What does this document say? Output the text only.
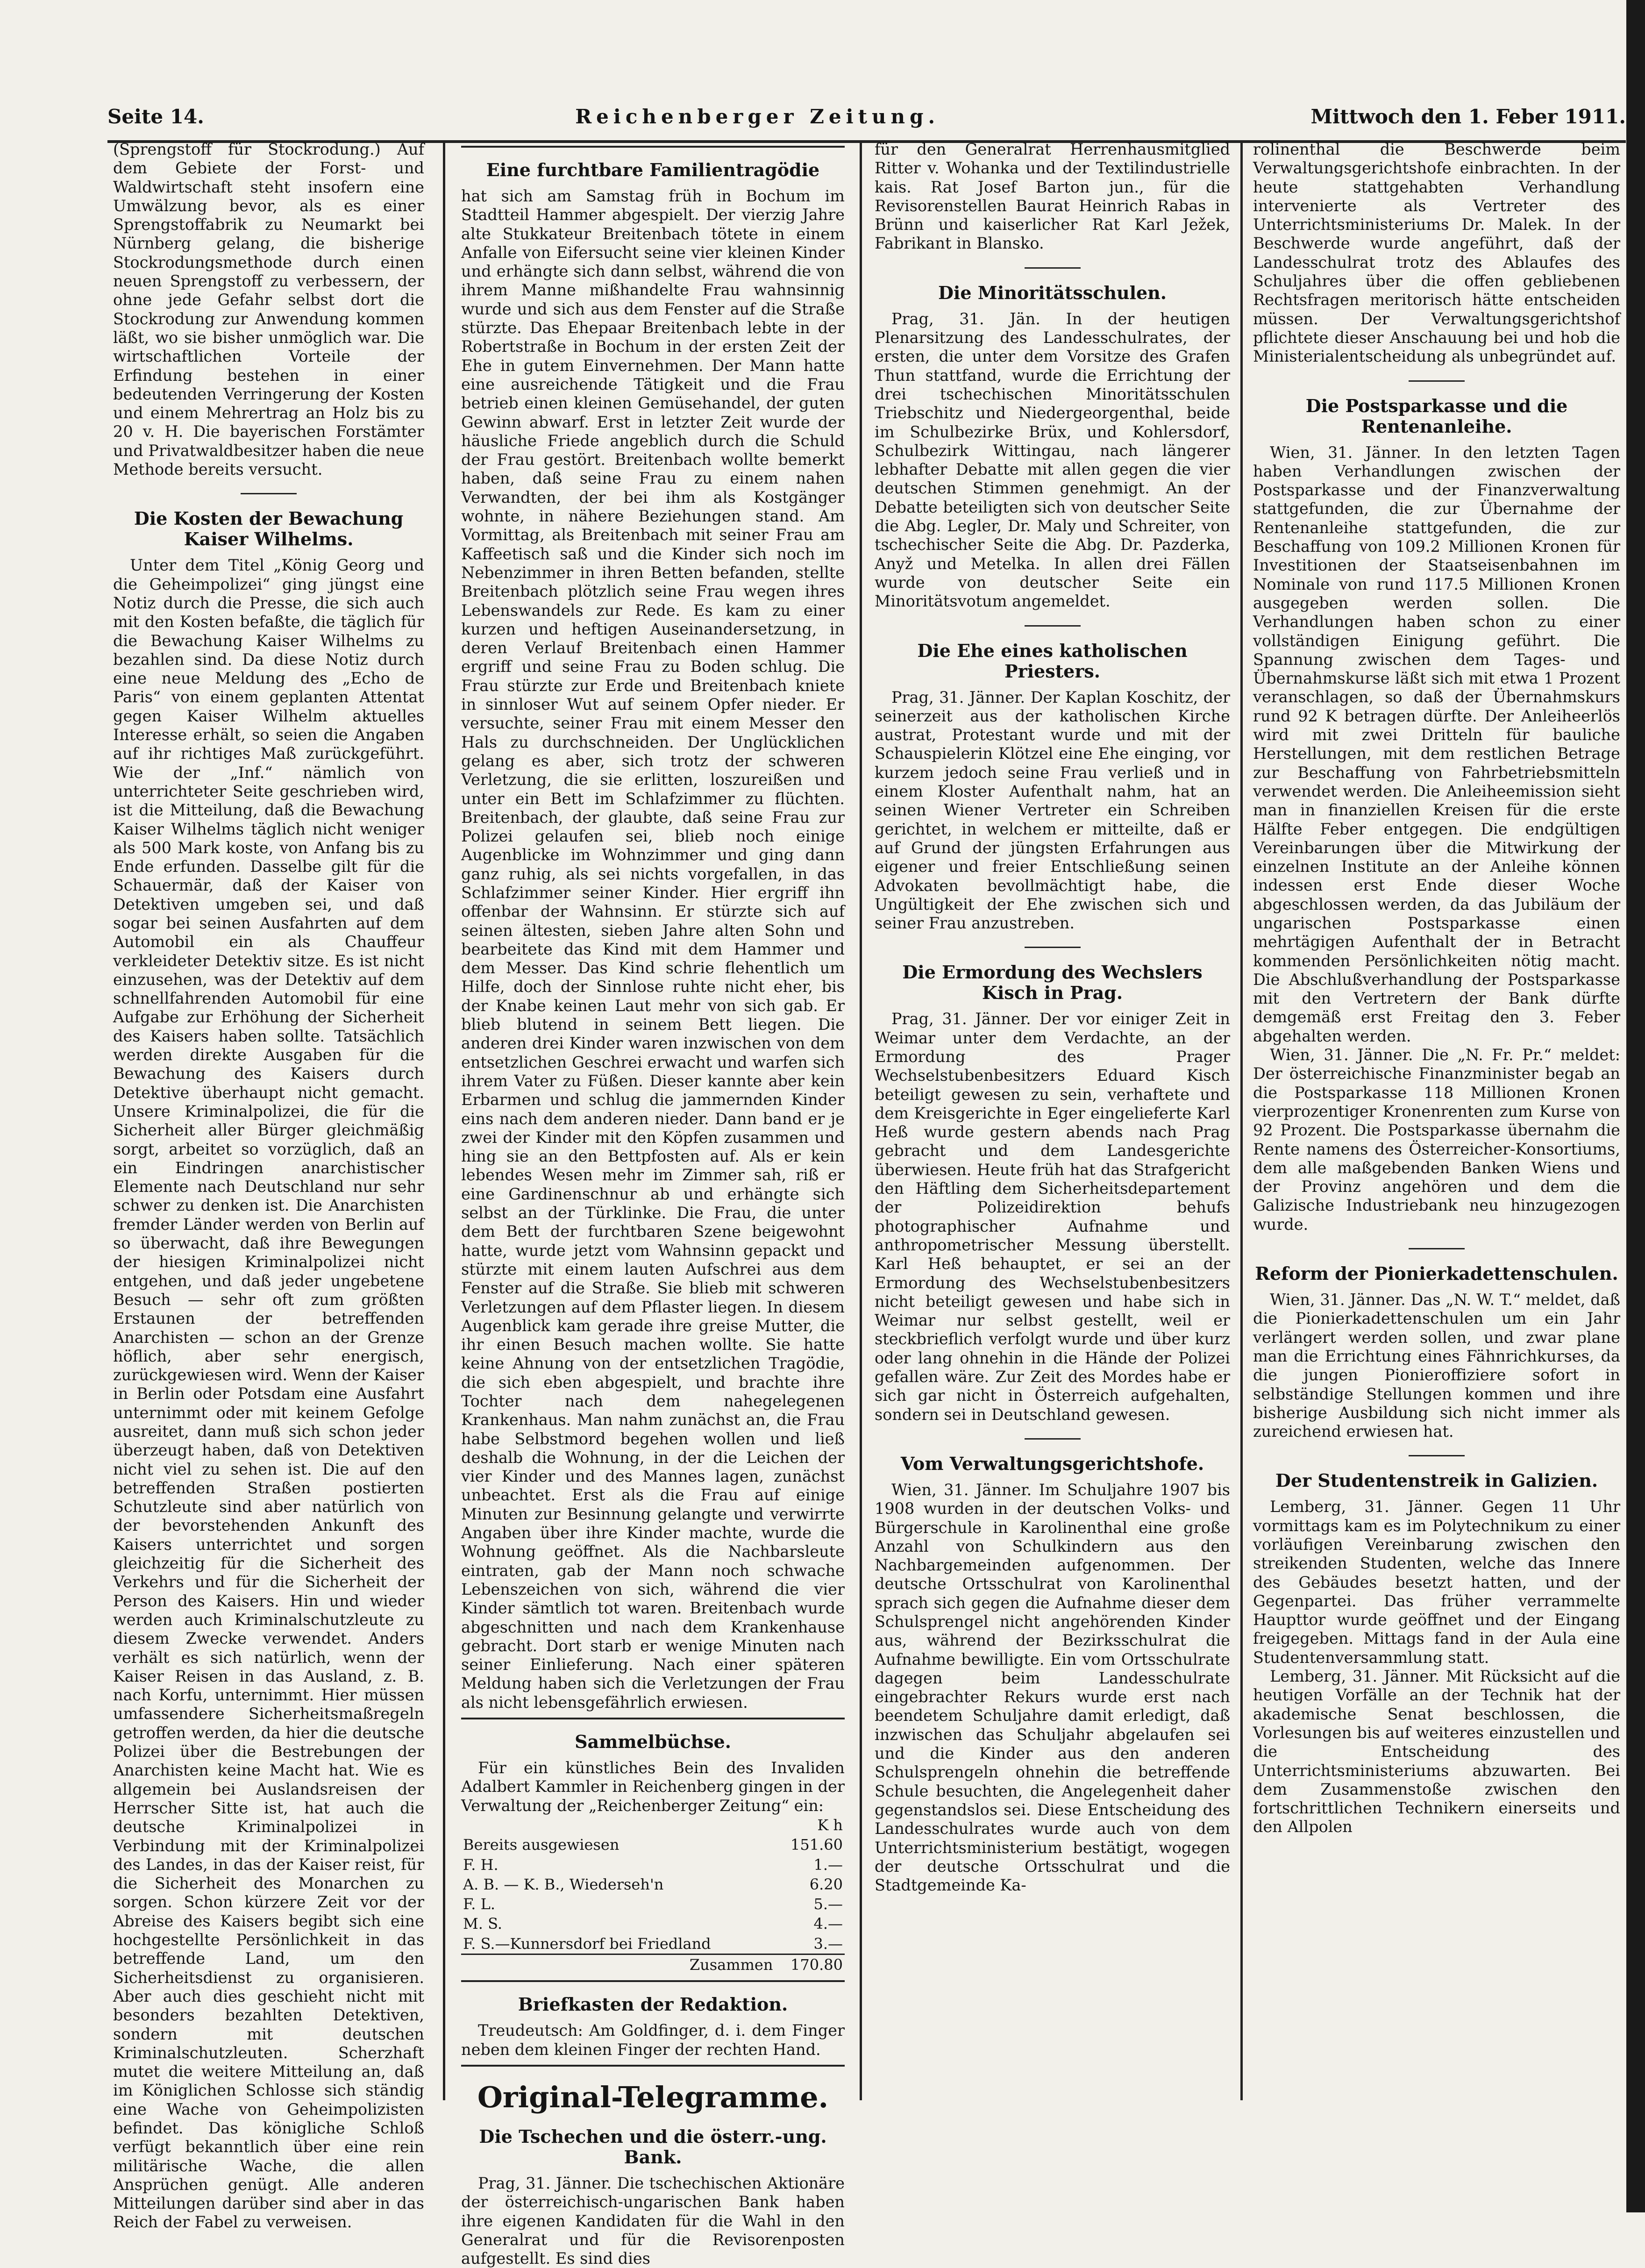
Seite 14.	Reichenberger Zeitung.	Mittwoch den 1. Feber 1911.

(Sprengstoff für Stockrodung.) Auf dem Gebiete der Forst- und Waldwirtschaft steht insofern eine Umwälzung bevor, als es einer Sprengstoffabrik zu Neumarkt bei Nürnberg gelang, die bisherige Stockrodungsmethode durch einen neuen Sprengstoff zu verbessern, der ohne jede Gefahr selbst dort die Stockrodung zur Anwendung kommen läßt, wo sie bisher unmöglich war. Die wirtschaftlichen Vorteile der Erfindung bestehen in einer bedeutenden Verringerung der Kosten und einem Mehrertrag an Holz bis zu 20 v. H. Die bayerischen Forstämter und Privatwaldbesitzer haben die neue Methode bereits versucht.

Die Kosten der Bewachung Kaiser Wilhelms.

Unter dem Titel „König Georg und die Geheimpolizei“ ging jüngst eine Notiz durch die Presse, die sich auch mit den Kosten befaßte, die täglich für die Bewachung Kaiser Wilhelms zu bezahlen sind. Da diese Notiz durch eine neue Meldung des „Echo de Paris“ von einem geplanten Attentat gegen Kaiser Wilhelm aktuelles Interesse erhält, so seien die Angaben auf ihr richtiges Maß zurückgeführt. Wie der „Inf.“ nämlich von unterrichteter Seite geschrieben wird, ist die Mitteilung, daß die Bewachung Kaiser Wilhelms täglich nicht weniger als 500 Mark koste, von Anfang bis zu Ende erfunden. Dasselbe gilt für die Schauermär, daß der Kaiser von Detektiven umgeben sei, und daß sogar bei seinen Ausfahrten auf dem Automobil ein als Chauffeur verkleideter Detektiv sitze. Es ist nicht einzusehen, was der Detektiv auf dem schnellfahrenden Automobil für eine Aufgabe zur Erhöhung der Sicherheit des Kaisers haben sollte. Tatsächlich werden direkte Ausgaben für die Bewachung des Kaisers durch Detektive überhaupt nicht gemacht. Unsere Kriminalpolizei, die für die Sicherheit aller Bürger gleichmäßig sorgt, arbeitet so vorzüglich, daß an ein Eindringen anarchistischer Elemente nach Deutschland nur sehr schwer zu denken ist. Die Anarchisten fremder Länder werden von Berlin auf so überwacht, daß ihre Bewegungen der hiesigen Kriminalpolizei nicht entgehen, und daß jeder ungebetene Besuch — sehr oft zum größten Erstaunen der betreffenden Anarchisten — schon an der Grenze höflich, aber sehr energisch, zurückgewiesen wird. Wenn der Kaiser in Berlin oder Potsdam eine Ausfahrt unternimmt oder mit keinem Gefolge ausreitet, dann muß sich schon jeder überzeugt haben, daß von Detektiven nicht viel zu sehen ist. Die auf den betreffenden Straßen postierten Schutzleute sind aber natürlich von der bevorstehenden Ankunft des Kaisers unterrichtet und sorgen gleichzeitig für die Sicherheit des Verkehrs und für die Sicherheit der Person des Kaisers. Hin und wieder werden auch Kriminalschutzleute zu diesem Zwecke verwendet. Anders verhält es sich natürlich, wenn der Kaiser Reisen in das Ausland, z. B. nach Korfu, unternimmt. Hier müssen umfassendere Sicherheitsmaßregeln getroffen werden, da hier die deutsche Polizei über die Bestrebungen der Anarchisten keine Macht hat. Wie es allgemein bei Auslandsreisen der Herrscher Sitte ist, hat auch die deutsche Kriminalpolizei in Verbindung mit der Kriminalpolizei des Landes, in das der Kaiser reist, für die Sicherheit des Monarchen zu sorgen. Schon kürzere Zeit vor der Abreise des Kaisers begibt sich eine hochgestellte Persönlichkeit in das betreffende Land, um den Sicherheitsdienst zu organisieren. Aber auch dies geschieht nicht mit besonders bezahlten Detektiven, sondern mit deutschen Kriminalschutzleuten. Scherzhaft mutet die weitere Mitteilung an, daß im Königlichen Schlosse sich ständig eine Wache von Geheimpolizisten befindet. Das königliche Schloß verfügt bekanntlich über eine rein militärische Wache, die allen Ansprüchen genügt. Alle anderen Mitteilungen darüber sind aber in das Reich der Fabel zu verweisen.

Eine furchtbare Familientragödie

hat sich am Samstag früh in Bochum im Stadtteil Hammer abgespielt. Der vierzig Jahre alte Stukkateur Breitenbach tötete in einem Anfalle von Eifersucht seine vier kleinen Kinder und erhängte sich dann selbst, während die von ihrem Manne mißhandelte Frau wahnsinnig wurde und sich aus dem Fenster auf die Straße stürzte. Das Ehepaar Breitenbach lebte in der Robertstraße in Bochum in der ersten Zeit der Ehe in gutem Einvernehmen. Der Mann hatte eine ausreichende Tätigkeit und die Frau betrieb einen kleinen Gemüsehandel, der guten Gewinn abwarf. Erst in letzter Zeit wurde der häusliche Friede angeblich durch die Schuld der Frau gestört. Breitenbach wollte bemerkt haben, daß seine Frau zu einem nahen Verwandten, der bei ihm als Kostgänger wohnte, in nähere Beziehungen stand. Am Vormittag, als Breitenbach mit seiner Frau am Kaffeetisch saß und die Kinder sich noch im Nebenzimmer in ihren Betten befanden, stellte Breitenbach plötzlich seine Frau wegen ihres Lebenswandels zur Rede. Es kam zu einer kurzen und heftigen Auseinandersetzung, in deren Verlauf Breitenbach einen Hammer ergriff und seine Frau zu Boden schlug. Die Frau stürzte zur Erde und Breitenbach kniete in sinnloser Wut auf seinem Opfer nieder. Er versuchte, seiner Frau mit einem Messer den Hals zu durchschneiden. Der Unglücklichen gelang es aber, sich trotz der schweren Verletzung, die sie erlitten, loszureißen und unter ein Bett im Schlafzimmer zu flüchten. Breitenbach, der glaubte, daß seine Frau zur Polizei gelaufen sei, blieb noch einige Augenblicke im Wohnzimmer und ging dann ganz ruhig, als sei nichts vorgefallen, in das Schlafzimmer seiner Kinder. Hier ergriff ihn offenbar der Wahnsinn. Er stürzte sich auf seinen ältesten, sieben Jahre alten Sohn und bearbeitete das Kind mit dem Hammer und dem Messer. Das Kind schrie flehentlich um Hilfe, doch der Sinnlose ruhte nicht eher, bis der Knabe keinen Laut mehr von sich gab. Er blieb blutend in seinem Bett liegen. Die anderen drei Kinder waren inzwischen von dem entsetzlichen Geschrei erwacht und warfen sich ihrem Vater zu Füßen. Dieser kannte aber kein Erbarmen und schlug die jammernden Kinder eins nach dem anderen nieder. Dann band er je zwei der Kinder mit den Köpfen zusammen und hing sie an den Bettpfosten auf. Als er kein lebendes Wesen mehr im Zimmer sah, riß er eine Gardinenschnur ab und erhängte sich selbst an der Türklinke. Die Frau, die unter dem Bett der furchtbaren Szene beigewohnt hatte, wurde jetzt vom Wahnsinn gepackt und stürzte mit einem lauten Aufschrei aus dem Fenster auf die Straße. Sie blieb mit schweren Verletzungen auf dem Pflaster liegen. In diesem Augenblick kam gerade ihre greise Mutter, die ihr einen Besuch machen wollte. Sie hatte keine Ahnung von der entsetzlichen Tragödie, die sich eben abgespielt, und brachte ihre Tochter nach dem nahegelegenen Krankenhaus. Man nahm zunächst an, die Frau habe Selbstmord begehen wollen und ließ deshalb die Wohnung, in der die Leichen der vier Kinder und des Mannes lagen, zunächst unbeachtet. Erst als die Frau auf einige Minuten zur Besinnung gelangte und verwirrte Angaben über ihre Kinder machte, wurde die Wohnung geöffnet. Als die Nachbarsleute eintraten, gab der Mann noch schwache Lebenszeichen von sich, während die vier Kinder sämtlich tot waren. Breitenbach wurde abgeschnitten und nach dem Krankenhause gebracht. Dort starb er wenige Minuten nach seiner Einlieferung. Nach einer späteren Meldung haben sich die Verletzungen der Frau als nicht lebensgefährlich erwiesen.

Sammelbüchse.

Für ein künstliches Bein des Invaliden Adalbert Kammler in Reichenberg gingen in der Verwaltung der „Reichenberger Zeitung“ ein:

	K h
Bereits ausgewiesen	151.60
F. H.	1.—
A. B. — K. B., Wiederseh'n	6.20
F. L.	5.—
M. S.	4.—
F. S.—Kunnersdorf bei Friedland	3.—
Zusammen	170.80
Briefkasten der Redaktion.

Treudeutsch: Am Goldfinger, d. i. dem Finger neben dem kleinen Finger der rechten Hand.

Original-Telegramme.
Die Tschechen und die österr.-ung. Bank.

Prag, 31. Jänner. Die tschechischen Aktionäre der österreichisch-ungarischen Bank haben ihre eigenen Kandidaten für die Wahl in den Generalrat und für die Revisorenposten aufgestellt. Es sind dies

für den Generalrat Herrenhausmitglied Ritter v. Wohanka und der Textilindustrielle kais. Rat Josef Barton jun., für die Revisorenstellen Baurat Heinrich Rabas in Brünn und kaiserlicher Rat Karl Ježek, Fabrikant in Blansko.

Die Minoritätsschulen.

Prag, 31. Jän. In der heutigen Plenarsitzung des Landesschulrates, der ersten, die unter dem Vorsitze des Grafen Thun stattfand, wurde die Errichtung der drei tschechischen Minoritätsschulen Triebschitz und Niedergeorgenthal, beide im Schulbezirke Brüx, und Kohlersdorf, Schulbezirk Wittingau, nach längerer lebhafter Debatte mit allen gegen die vier deutschen Stimmen genehmigt. An der Debatte beteiligten sich von deutscher Seite die Abg. Legler, Dr. Maly und Schreiter, von tschechischer Seite die Abg. Dr. Pazderka, Anyž und Metelka. In allen drei Fällen wurde von deutscher Seite ein Minoritätsvotum angemeldet.

Die Ehe eines katholischen Priesters.

Prag, 31. Jänner. Der Kaplan Koschitz, der seinerzeit aus der katholischen Kirche austrat, Protestant wurde und mit der Schauspielerin Klötzel eine Ehe einging, vor kurzem jedoch seine Frau verließ und in einem Kloster Aufenthalt nahm, hat an seinen Wiener Vertreter ein Schreiben gerichtet, in welchem er mitteilte, daß er auf Grund der jüngsten Erfahrungen aus eigener und freier Entschließung seinen Advokaten bevollmächtigt habe, die Ungültigkeit der Ehe zwischen sich und seiner Frau anzustreben.

Die Ermordung des Wechslers Kisch in Prag.

Prag, 31. Jänner. Der vor einiger Zeit in Weimar unter dem Verdachte, an der Ermordung des Prager Wechselstubenbesitzers Eduard Kisch beteiligt gewesen zu sein, verhaftete und dem Kreisgerichte in Eger eingelieferte Karl Heß wurde gestern abends nach Prag gebracht und dem Landesgerichte überwiesen. Heute früh hat das Strafgericht den Häftling dem Sicherheitsdepartement der Polizeidirektion behufs photographischer Aufnahme und anthropometrischer Messung überstellt. Karl Heß behauptet, er sei an der Ermordung des Wechselstubenbesitzers nicht beteiligt gewesen und habe sich in Weimar nur selbst gestellt, weil er steckbrieflich verfolgt wurde und über kurz oder lang ohnehin in die Hände der Polizei gefallen wäre. Zur Zeit des Mordes habe er sich gar nicht in Österreich aufgehalten, sondern sei in Deutschland gewesen.

Vom Verwaltungsgerichtshofe.

Wien, 31. Jänner. Im Schuljahre 1907 bis 1908 wurden in der deutschen Volks- und Bürgerschule in Karolinenthal eine große Anzahl von Schulkindern aus den Nachbargemeinden aufgenommen. Der deutsche Ortsschulrat von Karolinenthal sprach sich gegen die Aufnahme dieser dem Schulsprengel nicht angehörenden Kinder aus, während der Bezirksschulrat die Aufnahme bewilligte. Ein vom Ortsschulrate dagegen beim Landesschulrate eingebrachter Rekurs wurde erst nach beendetem Schuljahre damit erledigt, daß inzwischen das Schuljahr abgelaufen sei und die Kinder aus den anderen Schulsprengeln ohnehin die betreffende Schule besuchten, die Angelegenheit daher gegenstandslos sei. Diese Entscheidung des Landesschulrates wurde auch von dem Unterrichtsministerium bestätigt, wogegen der deutsche Ortsschulrat und die Stadtgemeinde Ka-

rolinenthal die Beschwerde beim Verwaltungsgerichtshofe einbrachten. In der heute stattgehabten Verhandlung intervenierte als Vertreter des Unterrichtsministeriums Dr. Malek. In der Beschwerde wurde angeführt, daß der Landesschulrat trotz des Ablaufes des Schuljahres über die offen gebliebenen Rechtsfragen meritorisch hätte entscheiden müssen. Der Verwaltungsgerichtshof pflichtete dieser Anschauung bei und hob die Ministerialentscheidung als unbegründet auf.

Die Postsparkasse und die Rentenanleihe.

Wien, 31. Jänner. In den letzten Tagen haben Verhandlungen zwischen der Postsparkasse und der Finanzverwaltung stattgefunden, die zur Übernahme der Rentenanleihe stattgefunden, die zur Beschaffung von 109.2 Millionen Kronen für Investitionen der Staatseisenbahnen im Nominale von rund 117.5 Millionen Kronen ausgegeben werden sollen. Die Verhandlungen haben schon zu einer vollständigen Einigung geführt. Die Spannung zwischen dem Tages- und Übernahmskurse läßt sich mit etwa 1 Prozent veranschlagen, so daß der Übernahmskurs rund 92 K betragen dürfte. Der Anleiheerlös wird mit zwei Dritteln für bauliche Herstellungen, mit dem restlichen Betrage zur Beschaffung von Fahrbetriebsmitteln verwendet werden. Die Anleiheemission sieht man in finanziellen Kreisen für die erste Hälfte Feber entgegen. Die endgültigen Vereinbarungen über die Mitwirkung der einzelnen Institute an der Anleihe können indessen erst Ende dieser Woche abgeschlossen werden, da das Jubiläum der ungarischen Postsparkasse einen mehrtägigen Aufenthalt der in Betracht kommenden Persönlichkeiten nötig macht. Die Abschlußverhandlung der Postsparkasse mit den Vertretern der Bank dürfte demgemäß erst Freitag den 3. Feber abgehalten werden.

Wien, 31. Jänner. Die „N. Fr. Pr.“ meldet: Der österreichische Finanzminister begab an die Postsparkasse 118 Millionen Kronen vierprozentiger Kronenrenten zum Kurse von 92 Prozent. Die Postsparkasse übernahm die Rente namens des Österreicher-Konsortiums, dem alle maßgebenden Banken Wiens und der Provinz angehören und dem die Galizische Industriebank neu hinzugezogen wurde.

Reform der Pionierkadettenschulen.

Wien, 31. Jänner. Das „N. W. T.“ meldet, daß die Pionierkadettenschulen um ein Jahr verlängert werden sollen, und zwar plane man die Errichtung eines Fähnrichkurses, da die jungen Pionieroffiziere sofort in selbständige Stellungen kommen und ihre bisherige Ausbildung sich nicht immer als zureichend erwiesen hat.

Der Studentenstreik in Galizien.

Lemberg, 31. Jänner. Gegen 11 Uhr vormittags kam es im Polytechnikum zu einer vorläufigen Vereinbarung zwischen den streikenden Studenten, welche das Innere des Gebäudes besetzt hatten, und der Gegenpartei. Das früher verrammelte Haupttor wurde geöffnet und der Eingang freigegeben. Mittags fand in der Aula eine Studentenversammlung statt.

Lemberg, 31. Jänner. Mit Rücksicht auf die heutigen Vorfälle an der Technik hat der akademische Senat beschlossen, die Vorlesungen bis auf weiteres einzustellen und die Entscheidung des Unterrichtsministeriums abzuwarten. Bei dem Zusammenstoße zwischen den fortschrittlichen Technikern einerseits und den Allpolen
